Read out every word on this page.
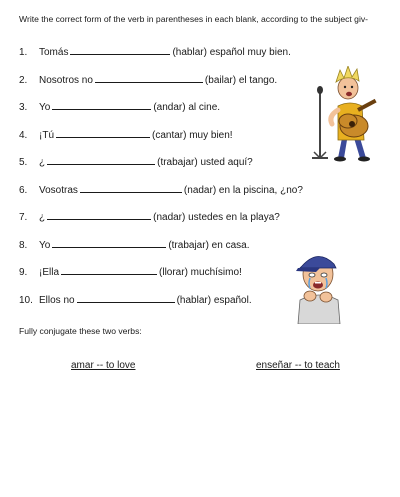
Write the correct form of the verb in parentheses in each blank, according to the subject giv-
1.	Tomás	(hablar) español muy bien.
2.	Nosotros no	(bailar) el tango.
3.	Yo	(andar) al cine.
4.	¡Tú	(cantar) muy bien!
5.	¿	(trabajar) usted aquí?
6.	Vosotras	(nadar) en la piscina, ¿no?
7.	¿	(nadar) ustedes en la playa?
8.	Yo	(trabajar) en casa.
9.	¡Ella	(llorar) muchísimo!
10. Ellos no	(hablar) español.
Fully conjugate these two verbs:
amar -- to love	enseñar -- to teach
